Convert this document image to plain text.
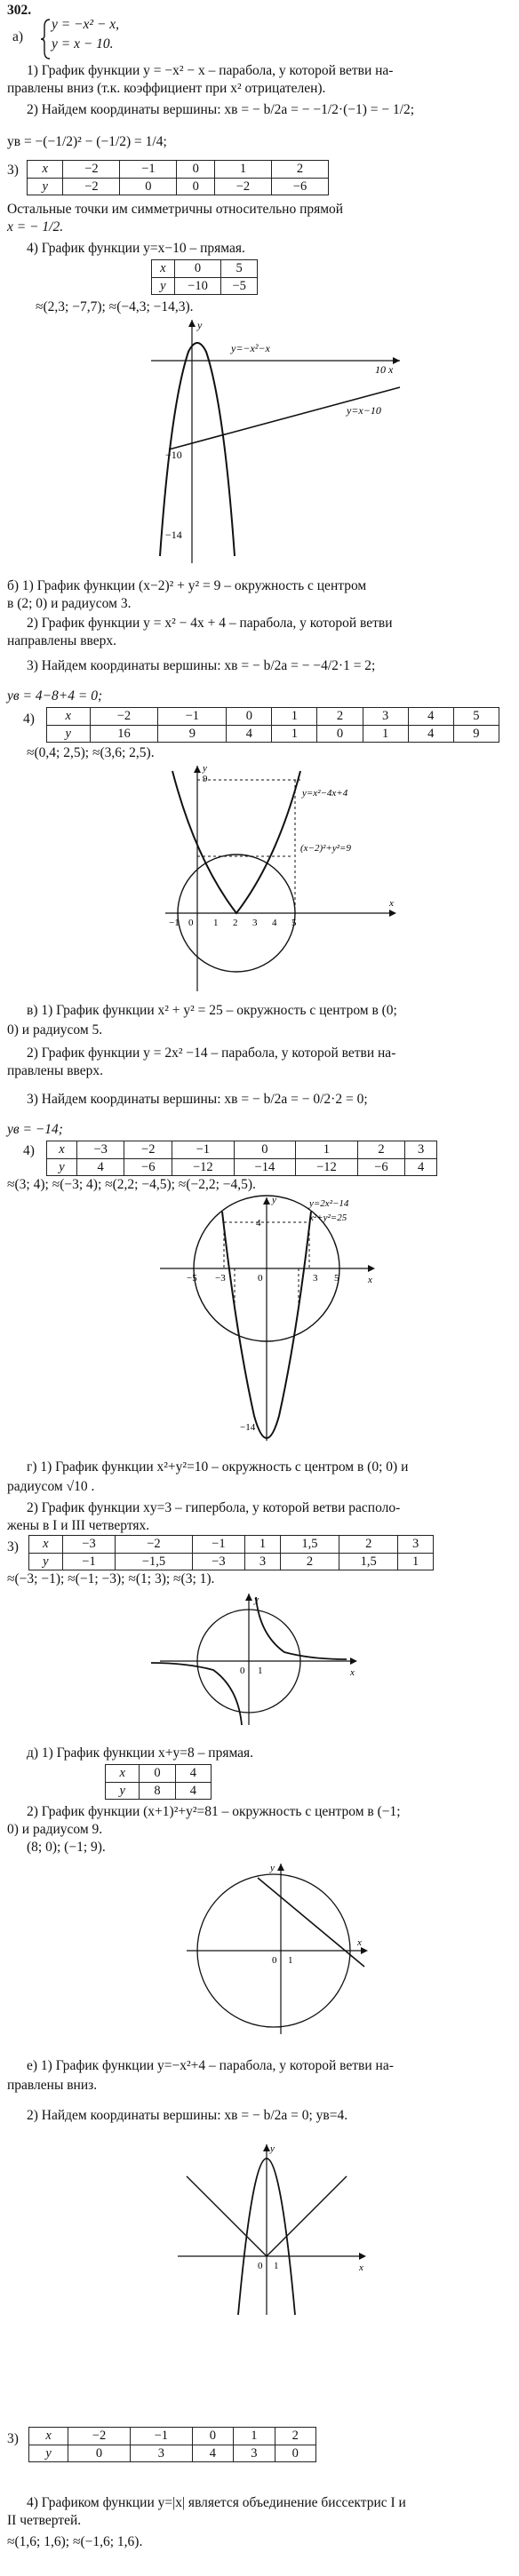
302.

а)
y = −x² − x,
y = x − 10.

1) График функции y = −x² − x – парабола, у которой ветви на-

правлены вниз (т.к. коэффициент при x² отрицателен).

2) Найдем координаты вершины: xв = − b/2a = − −1/2·(−1) = − 1/2;

yв = −(−1/2)² − (−1/2) = 1/4;

3)	x	−2	−1	0	1	2
y	−2	0	0	−2	−6

Остальные точки им симметричны относительно прямой

x = − 1/2.

4) График функции y=x−10 – прямая.

x	0	5
y	−10	−5

≈(2,3; −7,7); ≈(−4,3; −14,3).

y=−x²−x
y=x−10
10 x
−10
−14
y

б) 1) График функции (x−2)² + y² = 9 – окружность с центром

в (2; 0) и радиусом 3.

2) График функции y = x² − 4x + 4 – парабола, у которой ветви

направлены вверх.

3) Найдем координаты вершины: xв = − b/2a = − −4/2·1 = 2;

yв = 4−8+4 = 0;

4)	x	−2	−1	0	1	2	3	4	5
y	16	9	4	1	0	1	4	9

≈(0,4; 2,5); ≈(3,6; 2,5).

y=x²−4x+4
(x−2)²+y²=9
9
y
x
−1 0 1 2 3 4 5

в) 1) График функции x² + y² = 25 – окружность с центром в (0;

0) и радиусом 5.

2) График функции y = 2x² −14 – парабола, у которой ветви на-

правлены вверх.

3) Найдем координаты вершины: xв = − b/2a = − 0/2·2 = 0;

yв = −14;

4)	x	−3	−2	−1	0	1	2	3
y	4	−6	−12	−14	−12	−6	4

≈(3; 4); ≈(−3; 4); ≈(2,2; −4,5); ≈(−2,2; −4,5).

y=2x²−14
x²+y²=25
y
x
−5	5
−3	3
0
4
−14

г) 1) График функции x²+y²=10 – окружность с центром в (0; 0) и

радиусом √10 .

2) График функции xy=3 – гипербола, у которой ветви располо-

жены в I и III четвертях.

3)	x	−3	−2	−1	1	1,5	2	3
y	−1	−1,5	−3	3	2	1,5	1

≈(−3; −1); ≈(−1; −3); ≈(1; 3); ≈(3; 1).

y
0 1	x

д) 1) График функции x+y=8 – прямая.

x	0	4
y	8	4

2) График функции (x+1)²+y²=81 – окружность с центром в (−1;

0) и радиусом 9.

(8; 0); (−1; 9).

y
x
0 1

е) 1) График функции y=−x²+4 – парабола, у которой ветви на-

правлены вниз.

2) Найдем координаты вершины: xв = − b/2a = 0; yв=4.

y
x
0 1
3)	x	−2	−1	0	1	2
y	0	3	4	3	0

4) Графиком функции y=|x| является объединение биссектрис I и

II четвертей.

≈(1,6; 1,6); ≈(−1,6; 1,6).
